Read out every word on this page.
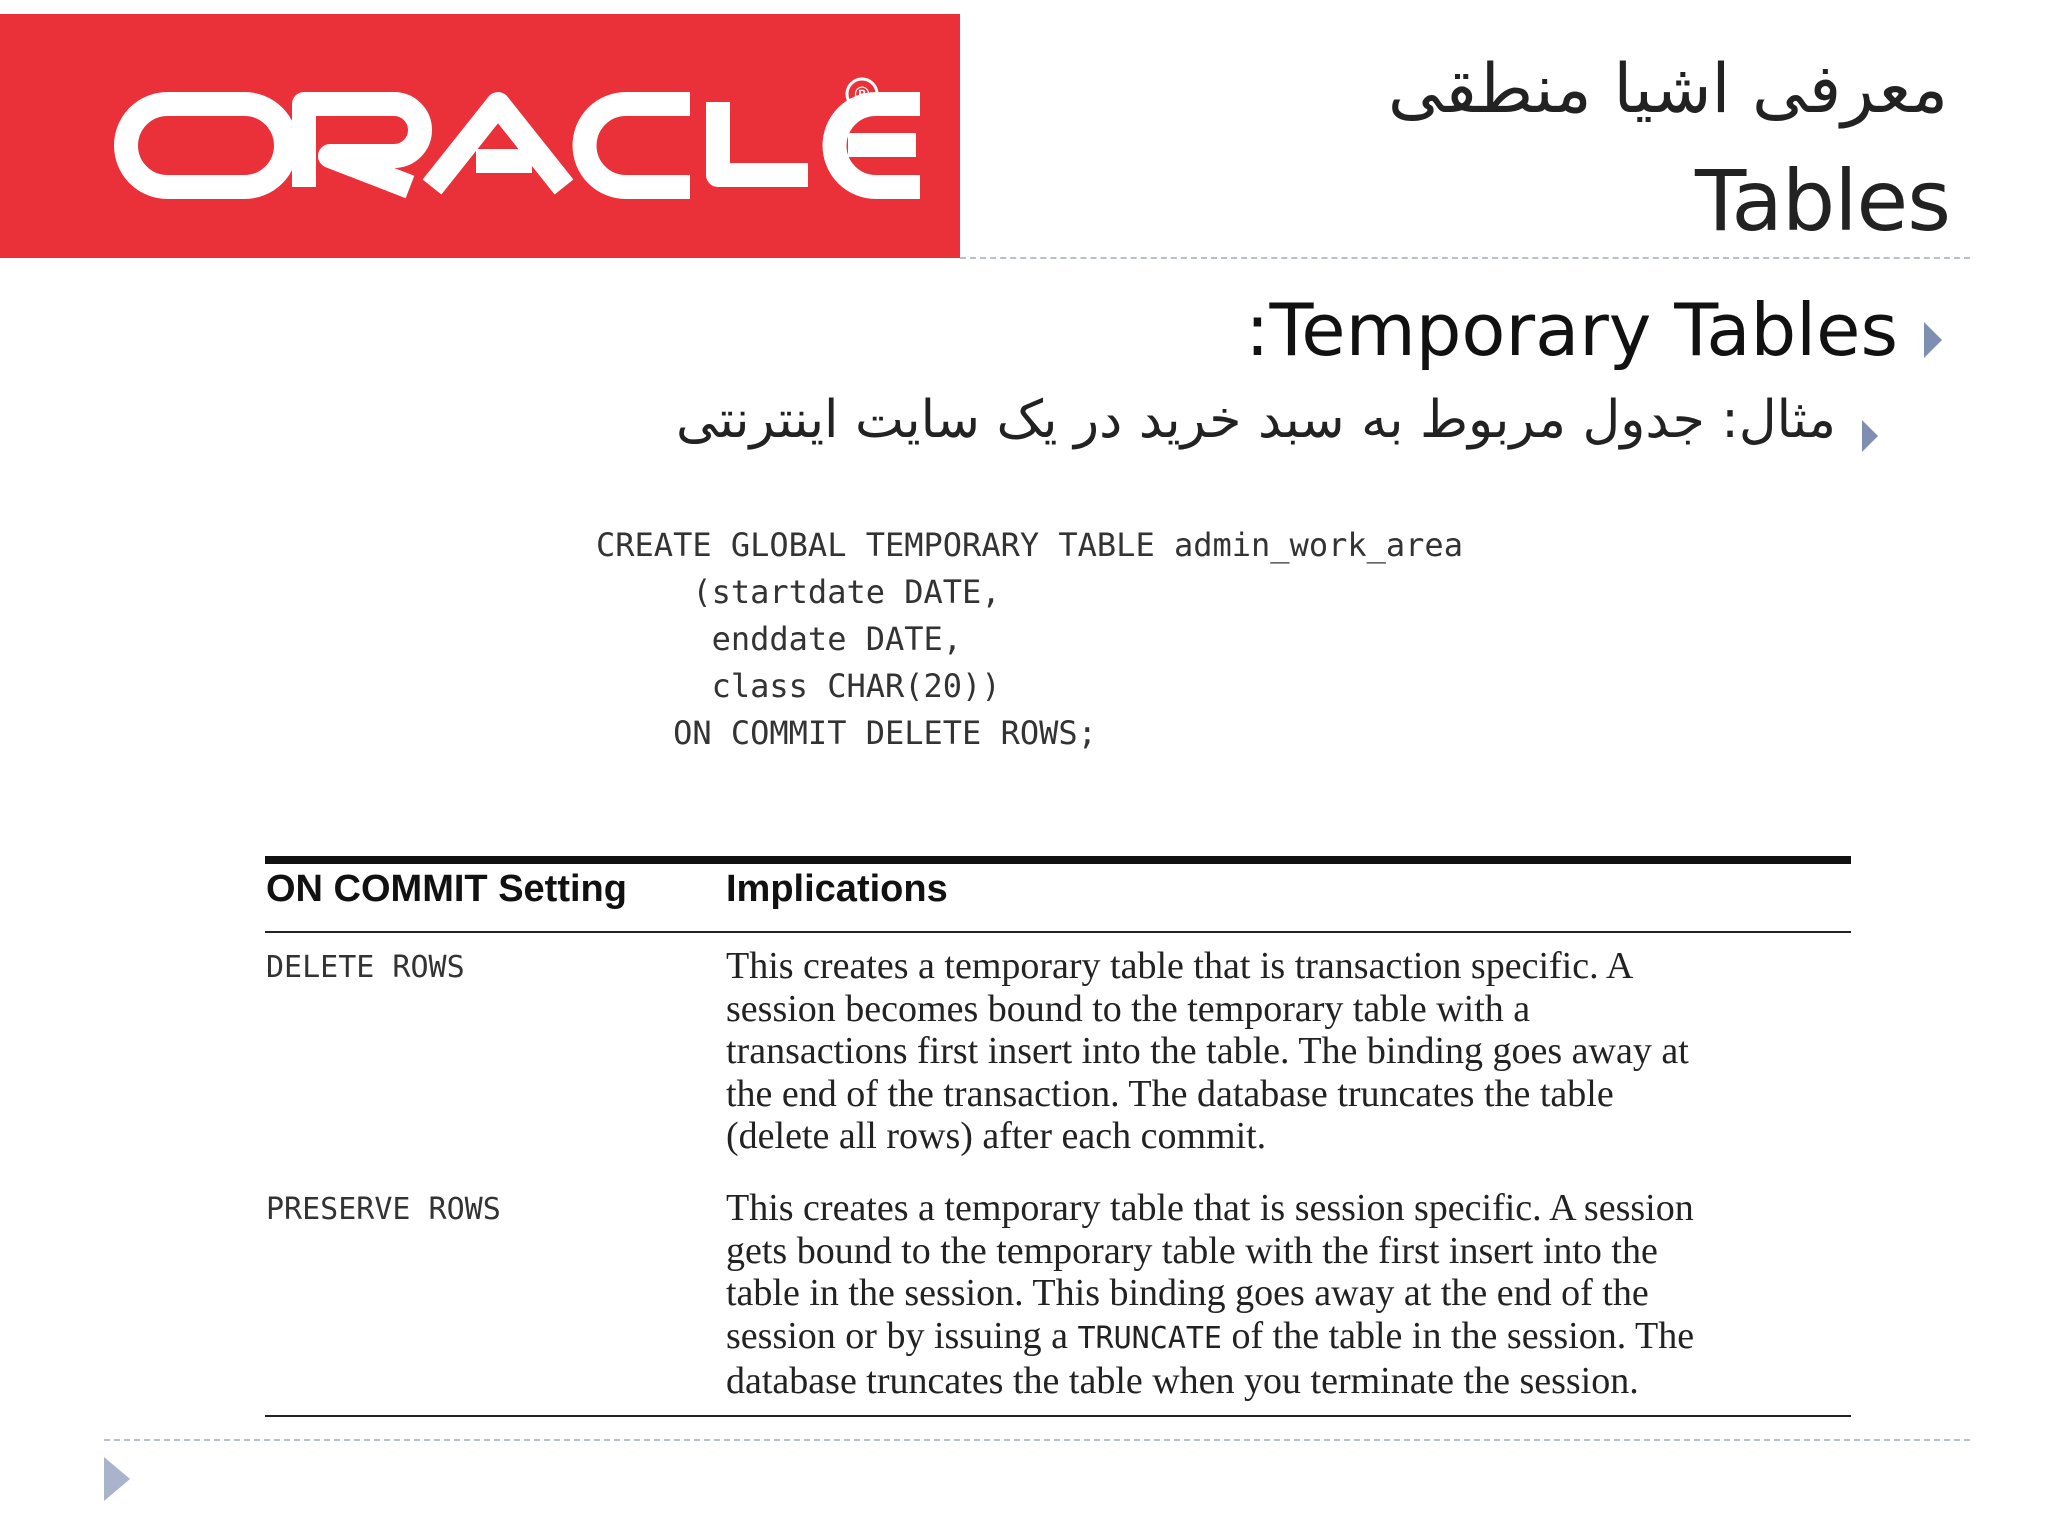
®	معرفی اشیا منطقی
Tables
:Temporary Tables
مثال: جدول مربوط به سبد خرید در یک سایت اینترنتی
CREATE GLOBAL TEMPORARY TABLE admin_work_area
(startdate DATE,
enddate DATE,
class CHAR(20))
ON COMMIT DELETE ROWS;
ON COMMIT Setting	Implications
DELETE ROWS	This creates a temporary table that is transaction specific. A
session becomes bound to the temporary table with a
transactions first insert into the table. The binding goes away at
the end of the transaction. The database truncates the table
(delete all rows) after each commit.
PRESERVE ROWS	This creates a temporary table that is session specific. A session
gets bound to the temporary table with the first insert into the
table in the session. This binding goes away at the end of the
session or by issuing a TRUNCATE of the table in the session. The
database truncates the table when you terminate the session.
